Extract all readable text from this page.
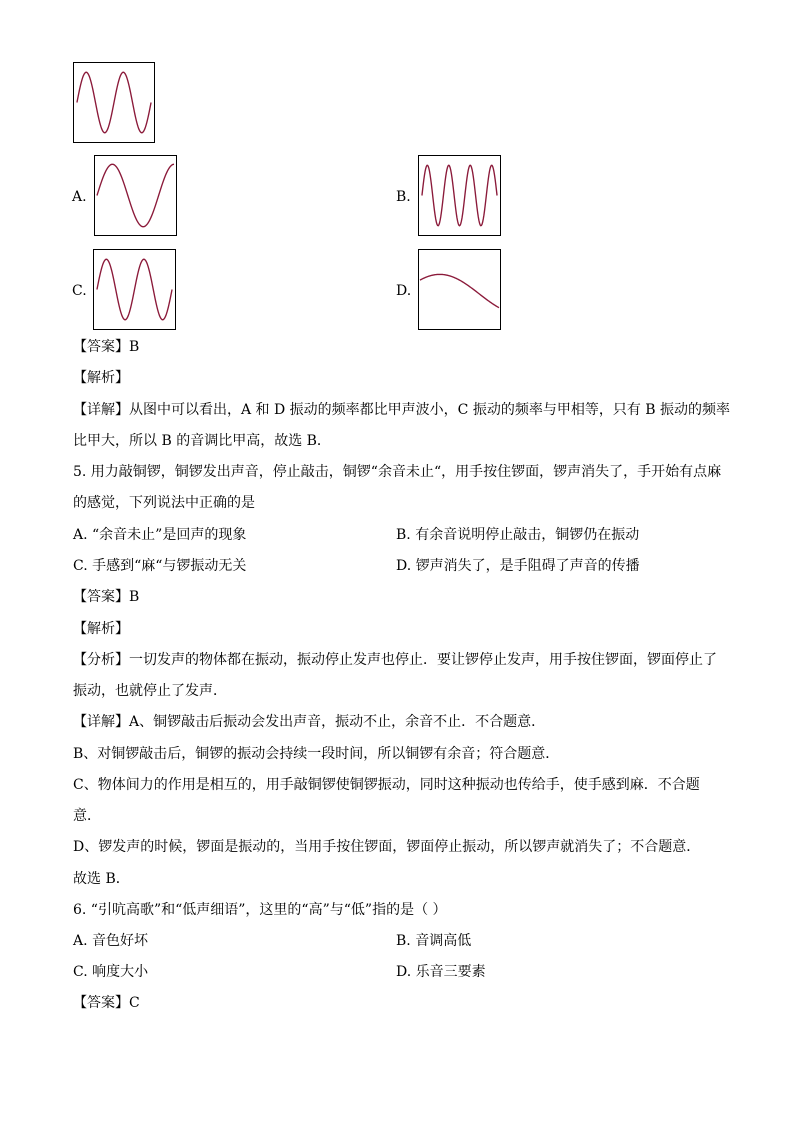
A.	B.
C.	D.
【答案】B
【解析】
【详解】从图中可以看出，A 和 D 振动的频率都比甲声波小，C 振动的频率与甲相等，只有 B 振动的频率
比甲大，所以 B 的音调比甲高，故选 B．
5. 用力敲铜锣，铜锣发出声音，停止敲击，铜锣“余音未止“，用手按住锣面，锣声消失了，手开始有点麻
的感觉，下列说法中正确的是
A. “余音未止”是回声的现象	B. 有余音说明停止敲击，铜锣仍在振动
C. 手感到“麻“与锣振动无关	D. 锣声消失了，是手阻碍了声音的传播
【答案】B
【解析】
【分析】一切发声的物体都在振动，振动停止发声也停止．要让锣停止发声，用手按住锣面，锣面停止了
振动，也就停止了发声．
【详解】A、铜锣敲击后振动会发出声音，振动不止，余音不止．不合题意．
B、对铜锣敲击后，铜锣的振动会持续一段时间，所以铜锣有余音；符合题意．
C、物体间力的作用是相互的，用手敲铜锣使铜锣振动，同时这种振动也传给手，使手感到麻．不合题
意．
D、锣发声的时候，锣面是振动的，当用手按住锣面，锣面停止振动，所以锣声就消失了；不合题意．
故选 B．
6. “引吭高歌”和“低声细语”，这里的“高”与“低”指的是（ ）
A. 音色好坏	B. 音调高低
C. 响度大小	D. 乐音三要素
【答案】C
